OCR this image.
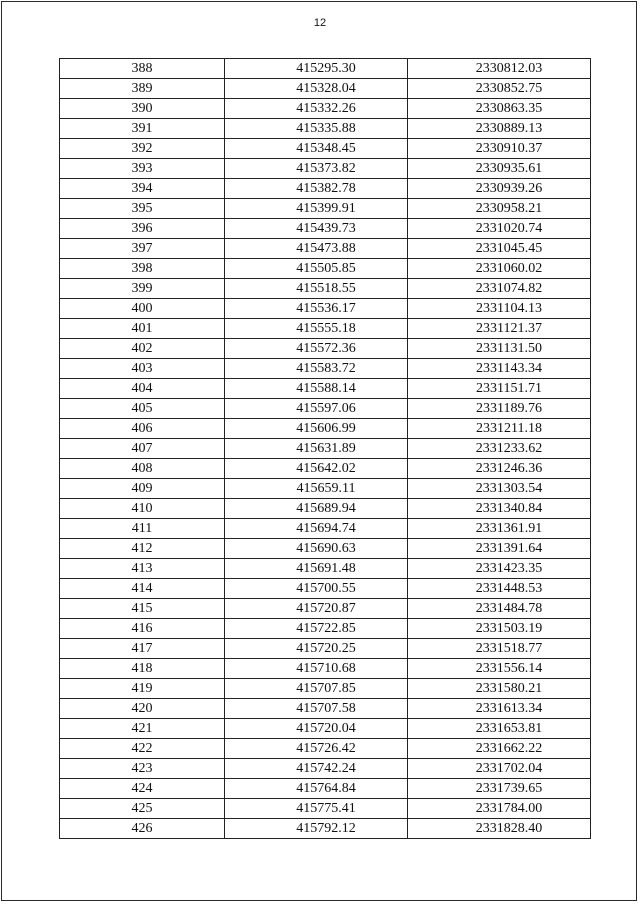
12
388	415295.30	2330812.03
389	415328.04	2330852.75
390	415332.26	2330863.35
391	415335.88	2330889.13
392	415348.45	2330910.37
393	415373.82	2330935.61
394	415382.78	2330939.26
395	415399.91	2330958.21
396	415439.73	2331020.74
397	415473.88	2331045.45
398	415505.85	2331060.02
399	415518.55	2331074.82
400	415536.17	2331104.13
401	415555.18	2331121.37
402	415572.36	2331131.50
403	415583.72	2331143.34
404	415588.14	2331151.71
405	415597.06	2331189.76
406	415606.99	2331211.18
407	415631.89	2331233.62
408	415642.02	2331246.36
409	415659.11	2331303.54
410	415689.94	2331340.84
411	415694.74	2331361.91
412	415690.63	2331391.64
413	415691.48	2331423.35
414	415700.55	2331448.53
415	415720.87	2331484.78
416	415722.85	2331503.19
417	415720.25	2331518.77
418	415710.68	2331556.14
419	415707.85	2331580.21
420	415707.58	2331613.34
421	415720.04	2331653.81
422	415726.42	2331662.22
423	415742.24	2331702.04
424	415764.84	2331739.65
425	415775.41	2331784.00
426	415792.12	2331828.40
